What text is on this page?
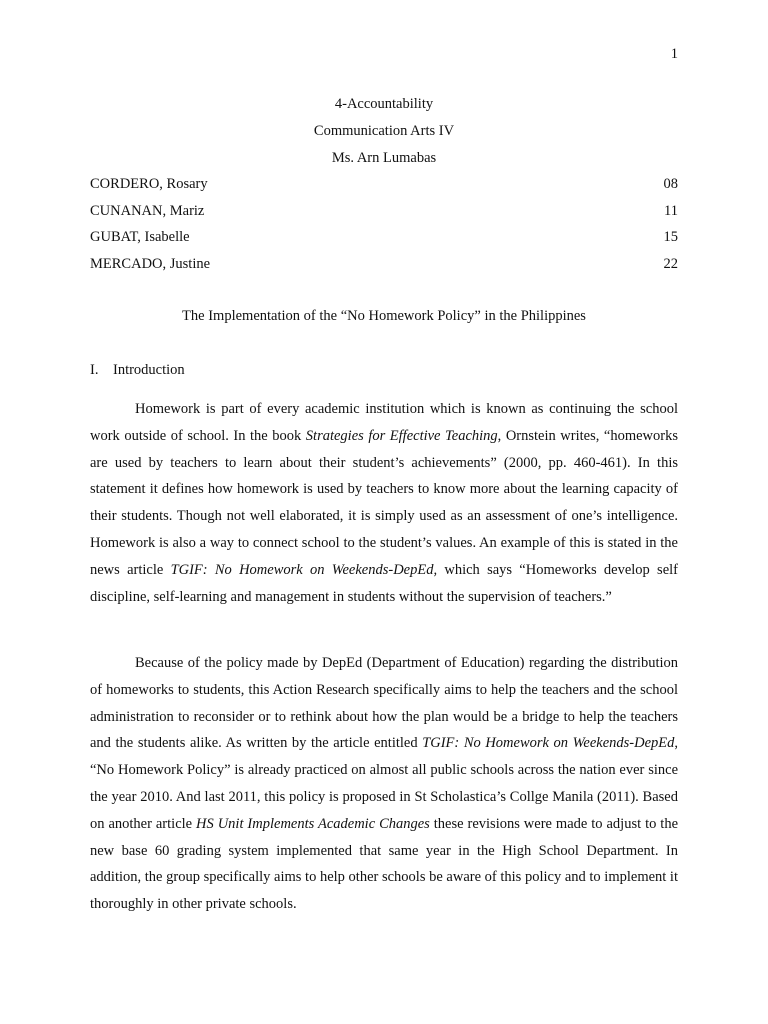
1
4-Accountability
Communication Arts IV
Ms. Arn Lumabas
CORDERO, Rosary	08
CUNANAN, Mariz	11
GUBAT, Isabelle	15
MERCADO, Justine	22
The Implementation of the “No Homework Policy” in the Philippines
I. Introduction

Homework is part of every academic institution which is known as continuing the school work outside of school. In the book Strategies for Effective Teaching, Ornstein writes, “homeworks are used by teachers to learn about their student’s achievements” (2000, pp. 460-461). In this statement it defines how homework is used by teachers to know more about the learning capacity of their students. Though not well elaborated, it is simply used as an assessment of one’s intelligence. Homework is also a way to connect school to the student’s values. An example of this is stated in the news article TGIF: No Homework on Weekends-DepEd, which says “Homeworks develop self discipline, self-learning and management in students without the supervision of teachers.”

Because of the policy made by DepEd (Department of Education) regarding the distribution of homeworks to students, this Action Research specifically aims to help the teachers and the school administration to reconsider or to rethink about how the plan would be a bridge to help the teachers and the students alike. As written by the article entitled TGIF: No Homework on Weekends-DepEd, “No Homework Policy” is already practiced on almost all public schools across the nation ever since the year 2010. And last 2011, this policy is proposed in St Scholastica’s Collge Manila (2011). Based on another article HS Unit Implements Academic Changes these revisions were made to adjust to the new base 60 grading system implemented that same year in the High School Department. In addition, the group specifically aims to help other schools be aware of this policy and to implement it thoroughly in other private schools.
